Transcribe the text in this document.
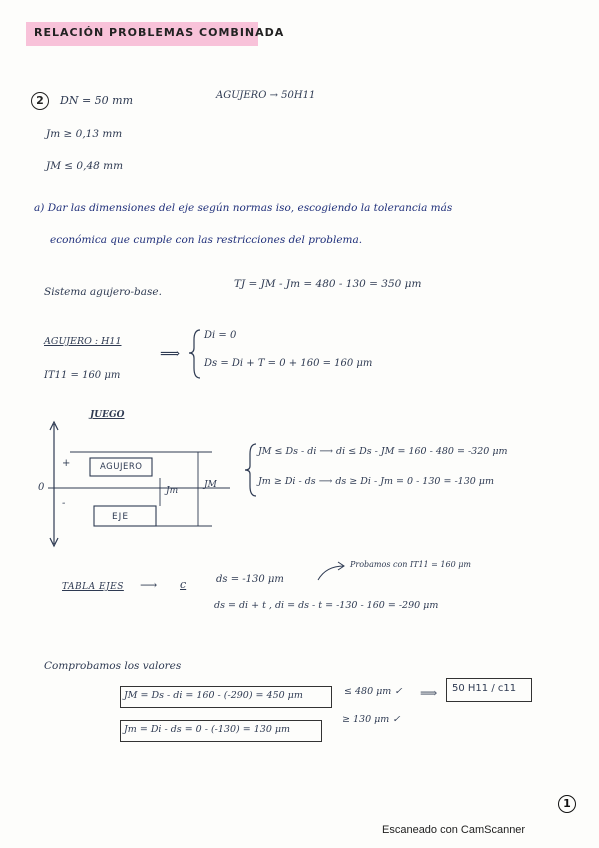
RELACIÓN PROBLEMAS COMBINADA
2	DN = 50 mm	AGUJERO → 50H11
Jm ≥ 0,13 mm
JM ≤ 0,48 mm
a) Dar las dimensiones del eje según normas iso, escogiendo la tolerancia más
económica que cumple con las restricciones del problema.
Sistema agujero-base.
TJ = JM - Jm = 480 - 130 = 350 μm
AGUJERO : H11
IT11 = 160 μm
⟹
Di = 0
Ds = Di + T = 0 + 160 = 160 μm
JUEGO
+
-
0
AGUJERO
EJE
Jm
JM
JM ≤ Ds - di ⟶ di ≤ Ds - JM = 160 - 480 = -320 μm
Jm ≥ Di - ds ⟶ ds ≥ Di - Jm = 0 - 130 = -130 μm
TABLA EJES ⟶ c	ds = -130 μm
Probamos con IT11 = 160 μm
ds = di + t , di = ds - t = -130 - 160 = -290 μm
Comprobamos los valores
JM = Ds - di = 160 - (-290) = 450 μm	≤ 480 μm ✓
Jm = Di - ds = 0 - (-130) = 130 μm
≥ 130 μm ✓
⟹ 50 H11 / c11
1
Escaneado con CamScanner
